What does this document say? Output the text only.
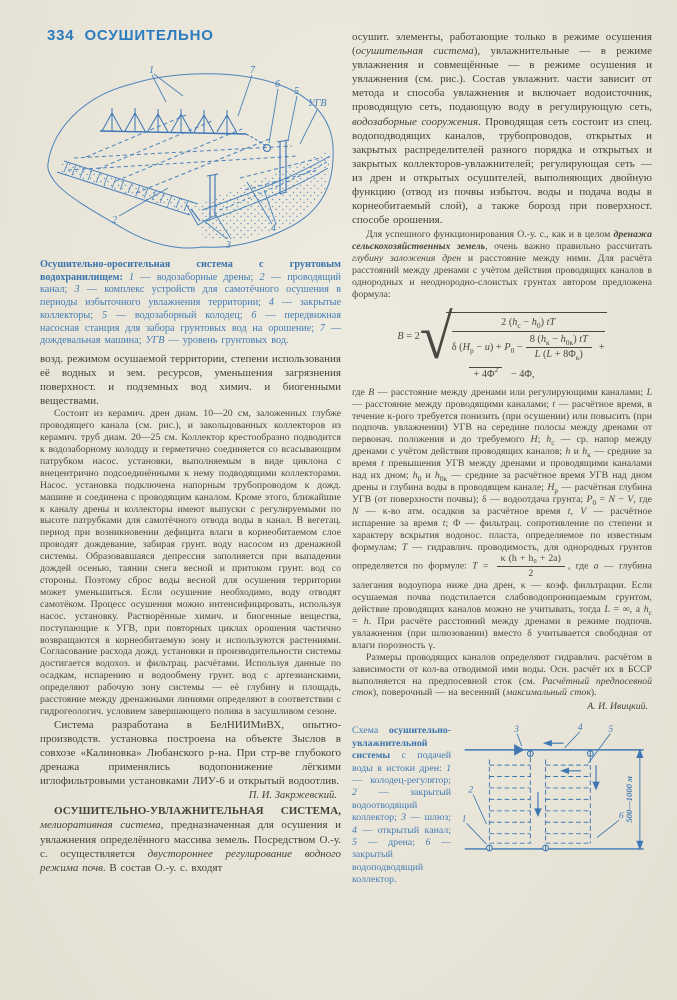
334 ОСУШИТЕЛЬНО
1	7
6
5
УГВ
2
3
4

Осушительно-оросительная система с грунтовым водохранилищем: 1 — водозаборные дрены; 2 — проводящий канал; 3 — комплекс устройств для самотёчного осушения в периоды избыточного увлажнения территории; 4 — закрытые коллекторы; 5 — водозаборный колодец; 6 — передвижная насосная станция для забора грунтовых вод на орошение; 7 — дождевальная машина; УГВ — уровень грунтовых вод.

возд. режимом осушаемой территории, степени использования её водных и зем. ресурсов, уменьшения загрязнения поверхност. и подземных вод химич. и биогенными веществами.

Состоит из керамич. дрен диам. 10—20 см, заложенных глубже проводящего канала (см. рис.), и закольцованных коллекторов из керамич. труб диам. 20—25 см. Коллектор крестообразно подводится к водозаборному колодцу и герметично соединяется со всасывающим патрубком насос. установки, выполняемым в виде циклона с внецентрично подсоединёнными к нему подводящими коллекторами. Насос. установка подключена напорным трубопроводом к дожд. машине и соединена с проводящим каналом. Кроме этого, ближайшие к каналу дрены и коллекторы имеют выпуски с регулируемыми по высоте патрубками для самотёчного отвода воды в канал. В вегетац. период при возникновении дефицита влаги в корнеобитаемом слое проводят дождевание, забирая грунт. воду насосом из дренажной системы. Образовавшаяся депрессия заполняется при выпадении дождей осенью, таянии снега весной и притоком грунт. вод со стороны. Поэтому сброс воды весной для осушения территории может уменьшиться. Если осушение необходимо, воду отводят самотёком. Процесс осушения можно интенсифицировать, используя насос. установку. Растворённые химич. и биогенные вещества, поступающие к УГВ, при повторных циклах орошения частично возвращаются в корнеобитаемую зону и используются растениями. Согласование расхода дожд. установки и производительности системы достигается водохоз. и фильтрац. расчётами. Используя данные по осадкам, испарению и водообмену грунт. вод с артезианскими, определяют рабочую зону системы — её глубину и площадь, расстояние между дренажными линиями определяют в соответствии с гидрогеологич. условием завершающего полива в засушливом сезоне.

Система разработана в БелНИИМиВХ, опытно-производств. установка построена на объекте Зыслов в совхозе «Калиновка» Любанского р-на. При стр-ве глубокого дренажа применялись водопонижение лёгкими иглофильтровыми установками ЛИУ-6 и открытый водоотлив.

П. И. Закржевский.

ОСУШИТЕЛЬНО-УВЛАЖНИТЕЛЬНАЯ СИСТЕМА, мелиоративная система, предназначенная для осушения и увлажнения определённого массива земель. Посредством О.-у. с. осуществляется двустороннее регулирование водного режима почв. В состав О.-у. с. входят

осушит. элементы, работающие только в режиме осушения (осушительная система), увлажнительные — в режиме увлажнения и совмещённые — в режиме осушения и увлажнения (см. рис.). Состав увлажнит. части зависит от метода и способа увлажнения и включает водоисточник, проводящую сеть, подающую воду в регулирующую сеть, водозаборные сооружения. Проводящая сеть состоит из спец. водоподводящих каналов, трубопроводов, открытых и закрытых распределителей разного порядка и открытых и закрытых коллекторов-увлажнителей; регулирующая сеть — из дрен и открытых осушителей, выполняющих двойную функцию (отвод из почвы избыточ. воды и подача воды в корнеобитаемый слой), а также борозд при поверхност. способе орошения.

Для успешного функционирования О.-у. с., как и в целом дренажа сельскохозяйственных земель, очень важно правильно рассчитать глубину заложения дрен и расстояние между ними. Для расчёта расстояний между дренами с учётом действия проводящих каналов в однородных и неоднородно-слоистых грунтах автором предложена формула:

B = 2 √	2 $(h_с - h_0)$ tT
δ $(H_р - u) + P_0 - \frac{8 (h_к - h_{0к}) tT}{L (L + 8\Phi_к)}$ +
+ $4\Phi^2 - 4\Phi$,

где B — расстояние между дренами или регулирующими каналами; L — расстояние между проводящими каналами; t — расчётное время, в течение к-рого требуется понизить (при осушении) или повысить (при подпочв. увлажнении) УГВ на середине полосы между дренами от первонач. положения и до требуемого H; $h_с$ — ср. напор между дренами с учётом действия проводящих каналов; h и $h_к$ — средние за время t превышения УГВ между дренами и проводящими каналами над их дном; $h_0$ и $h_{0к}$ — средние за расчётное время УГВ над дном дрены и глубина воды в проводящем канале; $H_р$ — расчётная глубина УГВ (от поверхности почвы); δ — водоотдача грунта; $P_0 = N - V$, где N — к-во атм. осадков за расчётное время t, V — расчётное испарение за время t; Φ — фильтрац. сопротивление по степени и характеру вскрытия водонос. пласта, определяемое по известным формулам; T — гидравлич. проводимость, для однородных грунтов определяется по формуле: $T = \frac{\text{κ (h + h₀ + 2a)}}{2}$ , где a — глубина залегания водоупора ниже дна дрен, κ — коэф. фильтрации. Если осушаемая почва подстилается слабоводопроницаемым грунтом, действие проводящих каналов можно не учитывать, тогда L = ∞, а $h_с = h$. При расчёте расстояний между дренами в режиме подпочв. увлажнения (при шлюзовании) вместо δ учитывается свободная от влаги порозность γ.

Размеры проводящих каналов определяют гидравлич. расчётом в зависимости от кол-ва отводимой ими воды. Осн. расчёт их в БССР выполняется на предпосевной сток (см. Расчётный предпосевной сток), поверочный — на весенний (максимальный сток).

А. И. Ивицкий.

Схема осушительно-увлажнительной системы с подачей воды в истоки дрен: 1 — колодец-регулятор; 2 — закрытый водоотводящий коллектор; 3 — шлюз; 4 — открытый канал; 5 — дрена; 6 — закрытый водоподводящий коллектор.

3	4	5
2
1	6 500—1000 м
